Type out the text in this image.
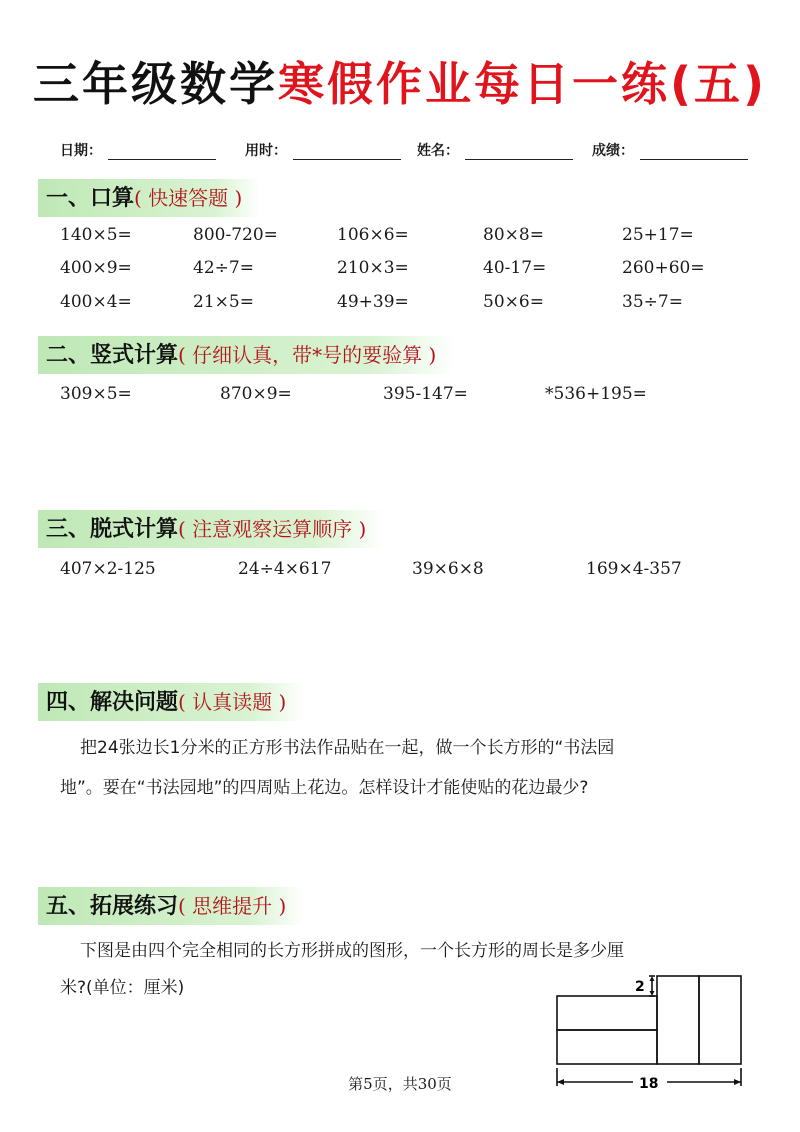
三年级数学寒假作业每日一练(五)
日期：	用时：	姓名：	成绩：
一、口算( 快速答题 )
140×5=	800-720=	106×6=	80×8=	25+17=
400×9=	42÷7=	210×3=	40-17=	260+60=
400×4=	21×5=	49+39=	50×6=	35÷7=
二、竖式计算( 仔细认真，带*号的要验算 )
309×5=	870×9=	395-147=	*536+195=
三、脱式计算( 注意观察运算顺序 )
407×2-125	24÷4×617	39×6×8	169×4-357
四、解决问题( 认真读题 )
把24张边长1分米的正方形书法作品贴在一起，做一个长方形的“书法园
地”。要在“书法园地”的四周贴上花边。怎样设计才能使贴的花边最少?
五、拓展练习( 思维提升 )
下图是由四个完全相同的长方形拼成的图形，一个长方形的周长是多少厘
米?(单位：厘米)	2
18
第5页，共30页
